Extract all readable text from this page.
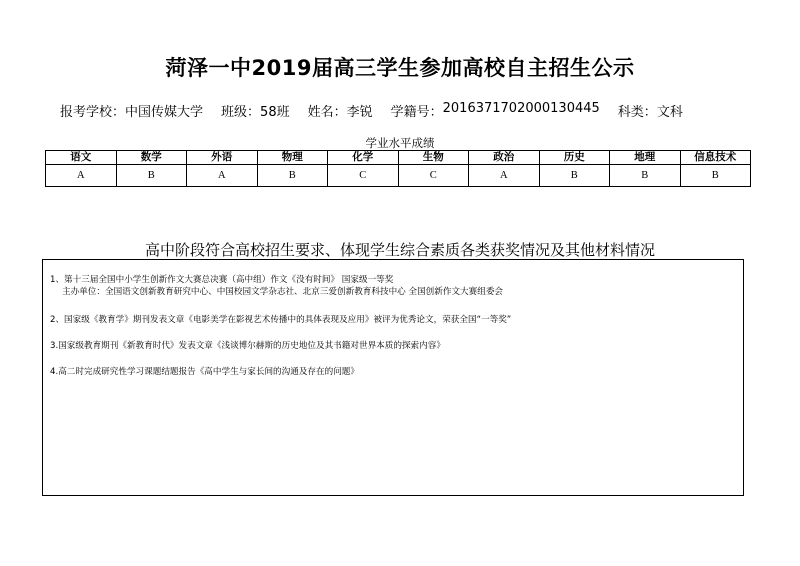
菏泽一中2019届高三学生参加高校自主招生公示
报考学校： 中国传媒大学 班级： 58班 姓名： 李锐 学籍号： 2016371702000130445 科类： 文科
学业水平成绩
语文	数学	外语	物理	化学	生物	政治	历史	地理	信息技术
A	B	A	B	C	C	A	B	B	B
高中阶段符合高校招生要求、体现学生综合素质各类获奖情况及其他材料情况
1、第十三届全国中小学生创新作文大赛总决赛（高中组）作文《没有时间》 国家级一等奖
主办单位：全国语文创新教育研究中心、中国校园文学杂志社、北京三爱创新教育科技中心 全国创新作文大赛组委会
2、国家级《教育学》期刊发表文章《电影美学在影视艺术传播中的具体表现及应用》被评为优秀论文，荣获全国“一等奖”
3.国家级教育期刊《新教育时代》发表文章《浅谈博尔赫斯的历史地位及其书籍对世界本质的探索内容》
4.高二时完成研究性学习课题结题报告《高中学生与家长间的沟通及存在的问题》
